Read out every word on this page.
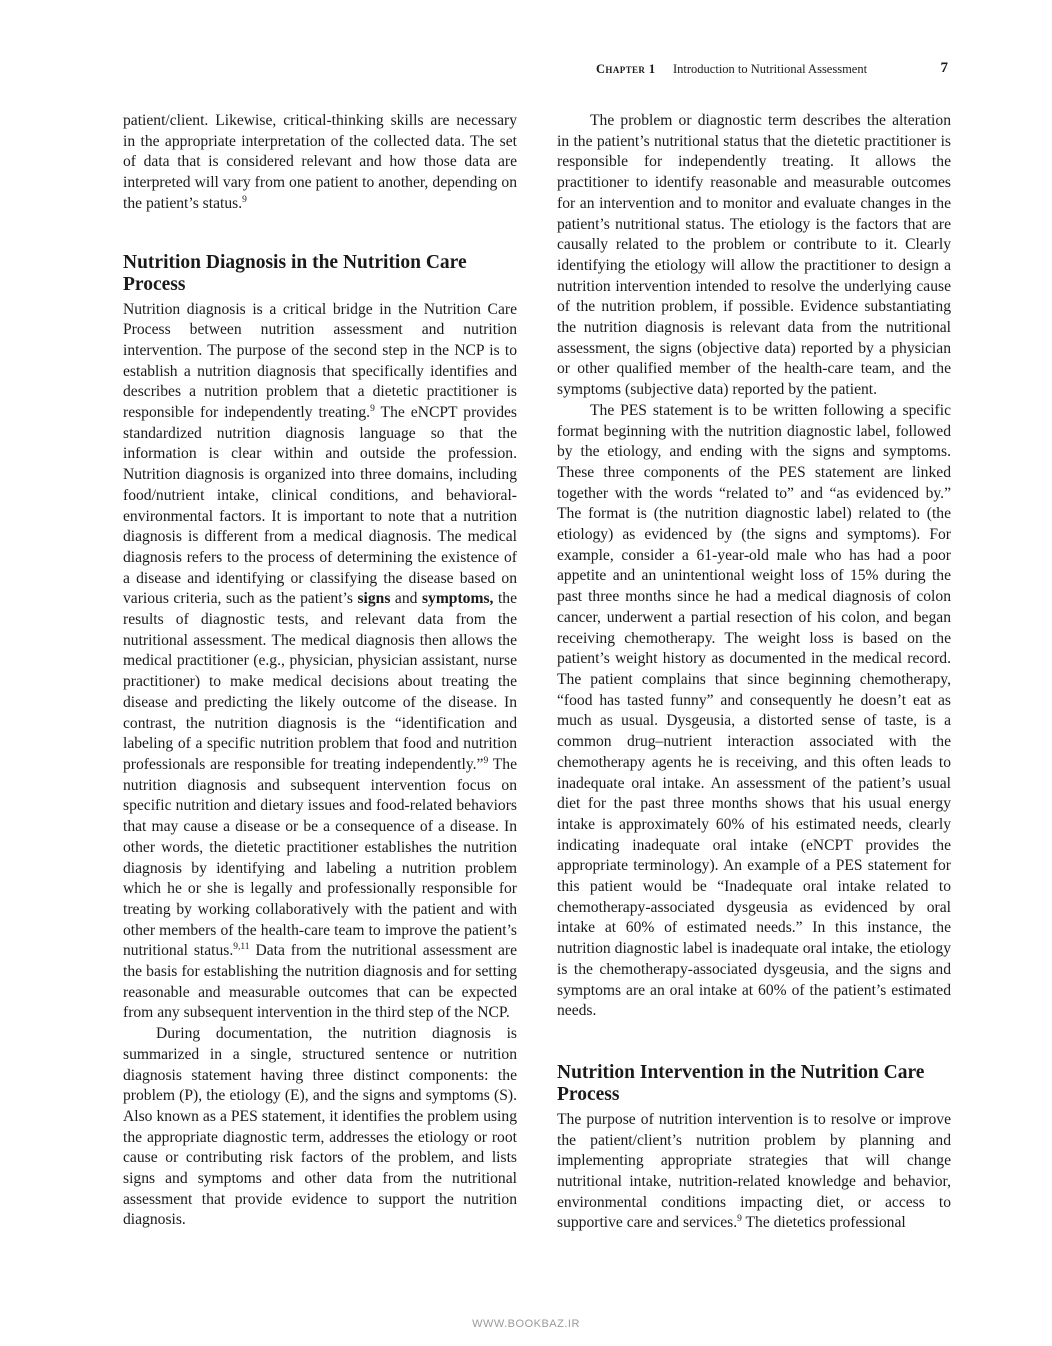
Chapter 1 Introduction to Nutritional Assessment	7

patient/client. Likewise, critical-thinking skills are necessary in the appropriate interpretation of the collected data. The set of data that is considered relevant and how those data are interpreted will vary from one patient to another, depending on the patient’s status.$^9$

Nutrition Diagnosis in the Nutrition Care Process

Nutrition diagnosis is a critical bridge in the Nutrition Care Process between nutrition assessment and nutrition intervention. The purpose of the second step in the NCP is to establish a nutrition diagnosis that specifically identifies and describes a nutrition problem that a dietetic practitioner is responsible for independently treating.$^9$ The eNCPT provides standardized nutrition diagnosis language so that the information is clear within and outside the profession. Nutrition diagnosis is organized into three domains, including food/nutrient intake, clinical conditions, and behavioral-environmental factors. It is important to note that a nutrition diagnosis is different from a medical diagnosis. The medical diagnosis refers to the process of determining the existence of a disease and identifying or classifying the disease based on various criteria, such as the patient’s signs and symptoms, the results of diagnostic tests, and relevant data from the nutritional assessment. The medical diagnosis then allows the medical practitioner (e.g., physician, physician assistant, nurse practitioner) to make medical decisions about treating the disease and predicting the likely outcome of the disease. In contrast, the nutrition diagnosis is the “identification and labeling of a specific nutrition problem that food and nutrition professionals are responsible for treating independently.”$^9$ The nutrition diagnosis and subsequent intervention focus on specific nutrition and dietary issues and food-related behaviors that may cause a disease or be a consequence of a disease. In other words, the dietetic practitioner establishes the nutrition diagnosis by identifying and labeling a nutrition problem which he or she is legally and professionally responsible for treating by working collaboratively with the patient and with other members of the health-care team to improve the patient’s nutritional status.$^{9,11}$ Data from the nutritional assessment are the basis for establishing the nutrition diagnosis and for setting reasonable and measurable outcomes that can be expected from any subsequent intervention in the third step of the NCP.

During documentation, the nutrition diagnosis is summarized in a single, structured sentence or nutrition diagnosis statement having three distinct components: the problem (P), the etiology (E), and the signs and symptoms (S). Also known as a PES statement, it identifies the problem using the appropriate diagnostic term, addresses the etiology or root cause or contributing risk factors of the problem, and lists signs and symptoms and other data from the nutritional assessment that provide evidence to support the nutrition diagnosis.

The problem or diagnostic term describes the alteration in the patient’s nutritional status that the dietetic practitioner is responsible for independently treating. It allows the practitioner to identify reasonable and measurable outcomes for an intervention and to monitor and evaluate changes in the patient’s nutritional status. The etiology is the factors that are causally related to the problem or contribute to it. Clearly identifying the etiology will allow the practitioner to design a nutrition intervention intended to resolve the underlying cause of the nutrition problem, if possible. Evidence substantiating the nutrition diagnosis is relevant data from the nutritional assessment, the signs (objective data) reported by a physician or other qualified member of the health-care team, and the symptoms (subjective data) reported by the patient.

The PES statement is to be written following a specific format beginning with the nutrition diagnostic label, followed by the etiology, and ending with the signs and symptoms. These three components of the PES statement are linked together with the words “related to” and “as evidenced by.” The format is (the nutrition diagnostic label) related to (the etiology) as evidenced by (the signs and symptoms). For example, consider a 61-year-old male who has had a poor appetite and an unintentional weight loss of 15% during the past three months since he had a medical diagnosis of colon cancer, underwent a partial resection of his colon, and began receiving chemotherapy. The weight loss is based on the patient’s weight history as documented in the medical record. The patient complains that since beginning chemotherapy, “food has tasted funny” and consequently he doesn’t eat as much as usual. Dysgeusia, a distorted sense of taste, is a common drug–nutrient interaction associated with the chemotherapy agents he is receiving, and this often leads to inadequate oral intake. An assessment of the patient’s usual diet for the past three months shows that his usual energy intake is approximately 60% of his estimated needs, clearly indicating inadequate oral intake (eNCPT provides the appropriate terminology). An example of a PES statement for this patient would be “Inadequate oral intake related to chemotherapy-associated dysgeusia as evidenced by oral intake at 60% of estimated needs.” In this instance, the nutrition diagnostic label is inadequate oral intake, the etiology is the chemotherapy-associated dysgeusia, and the signs and symptoms are an oral intake at 60% of the patient’s estimated needs.

Nutrition Intervention in the Nutrition Care Process

The purpose of nutrition intervention is to resolve or improve the patient/client’s nutrition problem by planning and implementing appropriate strategies that will change nutritional intake, nutrition-related knowledge and behavior, environmental conditions impacting diet, or access to supportive care and services.$^9$ The dietetics professional

WWW.BOOKBAZ.IR
